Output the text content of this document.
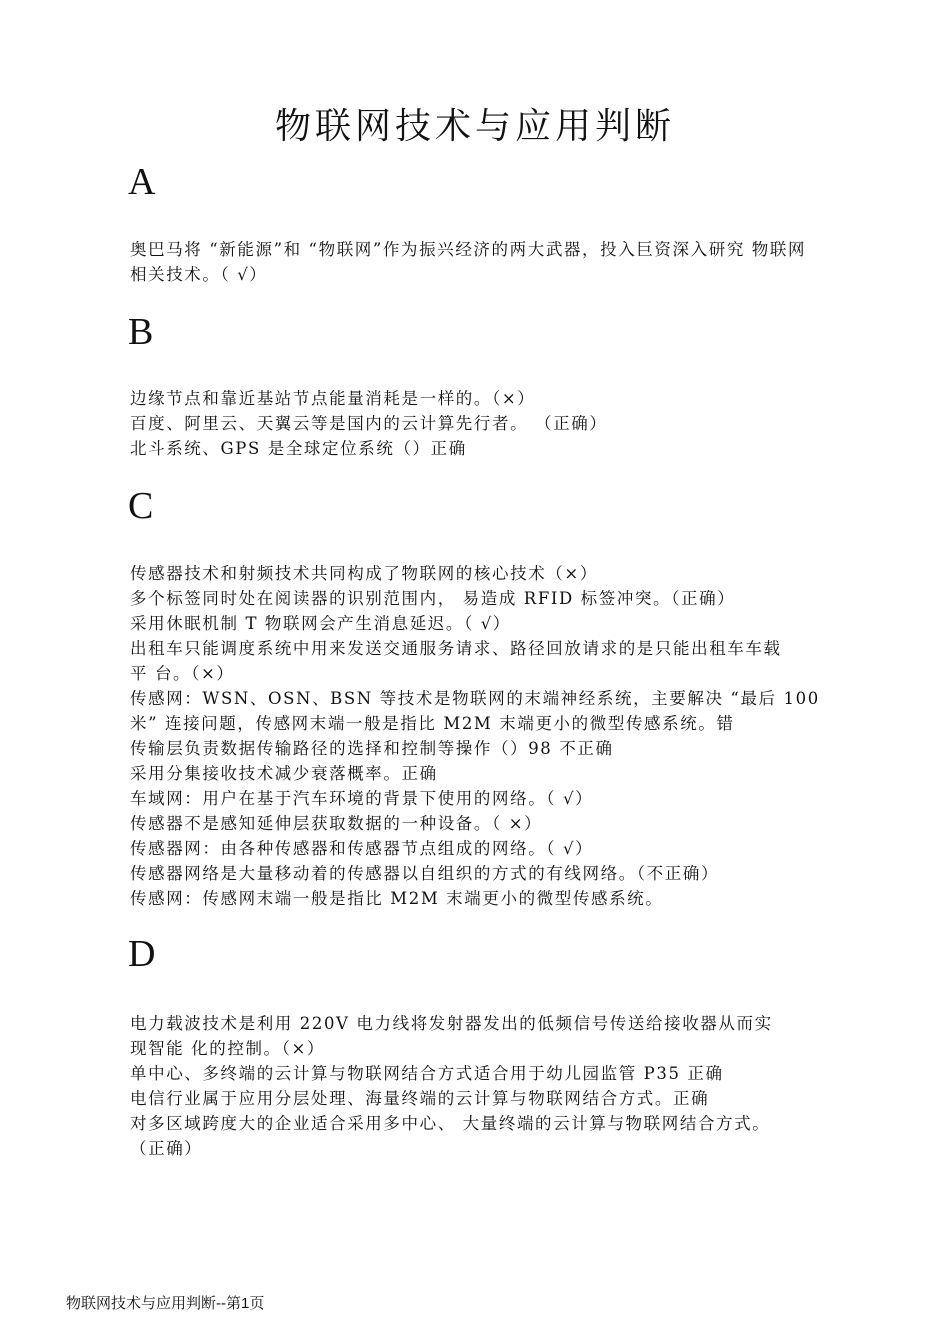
物联网技术与应用判断
A
奥巴马将 “新能源”和 “物联网”作为振兴经济的两大武器，投入巨资深入研究 物联网
相关技术。（ √）
B
边缘节点和靠近基站节点能量消耗是一样的。（×）
百度、阿里云、天翼云等是国内的云计算先行者。 （正确）
北斗系统、GPS 是全球定位系统（）正确
C
传感器技术和射频技术共同构成了物联网的核心技术（×）
多个标签同时处在阅读器的识别范围内， 易造成 RFID 标签冲突。（正确）
采用休眠机制 T 物联网会产生消息延迟。（ √）
出租车只能调度系统中用来发送交通服务请求、路径回放请求的是只能出租车车载
平 台。（×）
传感网：WSN、OSN、BSN 等技术是物联网的末端神经系统，主要解决 “最后 100
米” 连接问题，传感网末端一般是指比 M2M 末端更小的微型传感系统。错
传输层负责数据传输路径的选择和控制等操作（）98 不正确
采用分集接收技术减少衰落概率。正确
车域网：用户在基于汽车环境的背景下使用的网络。（ √）
传感器不是感知延伸层获取数据的一种设备。（ ×）
传感器网：由各种传感器和传感器节点组成的网络。（ √）
传感器网络是大量移动着的传感器以自组织的方式的有线网络。（不正确）
传感网：传感网末端一般是指比 M2M 末端更小的微型传感系统。
D
电力载波技术是利用 220V 电力线将发射器发出的低频信号传送给接收器从而实
现智能 化的控制。（×）
单中心、多终端的云计算与物联网结合方式适合用于幼儿园监管 P35 正确
电信行业属于应用分层处理、海量终端的云计算与物联网结合方式。正确
对多区域跨度大的企业适合采用多中心、 大量终端的云计算与物联网结合方式。
（正确）
物联网技术与应用判断--第1页
